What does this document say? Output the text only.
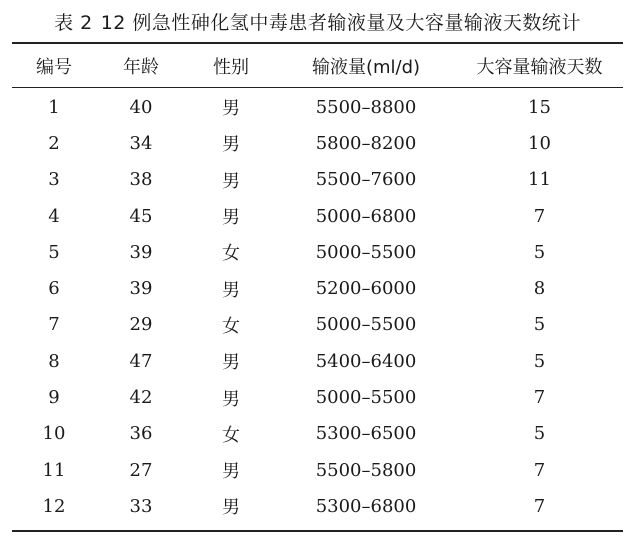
表 2 12 例急性砷化氢中毒患者输液量及大容量输液天数统计
编号	年龄	性别	输液量(ml/d)	大容量输液天数
1	40	男	5500–8800	15
2	34	男	5800–8200	10
3	38	男	5500–7600	11
4	45	男	5000–6800	7
5	39	女	5000–5500	5
6	39	男	5200–6000	8
7	29	女	5000–5500	5
8	47	男	5400–6400	5
9	42	男	5000–5500	7
10	36	女	5300–6500	5
11	27	男	5500–5800	7
12	33	男	5300–6800	7
